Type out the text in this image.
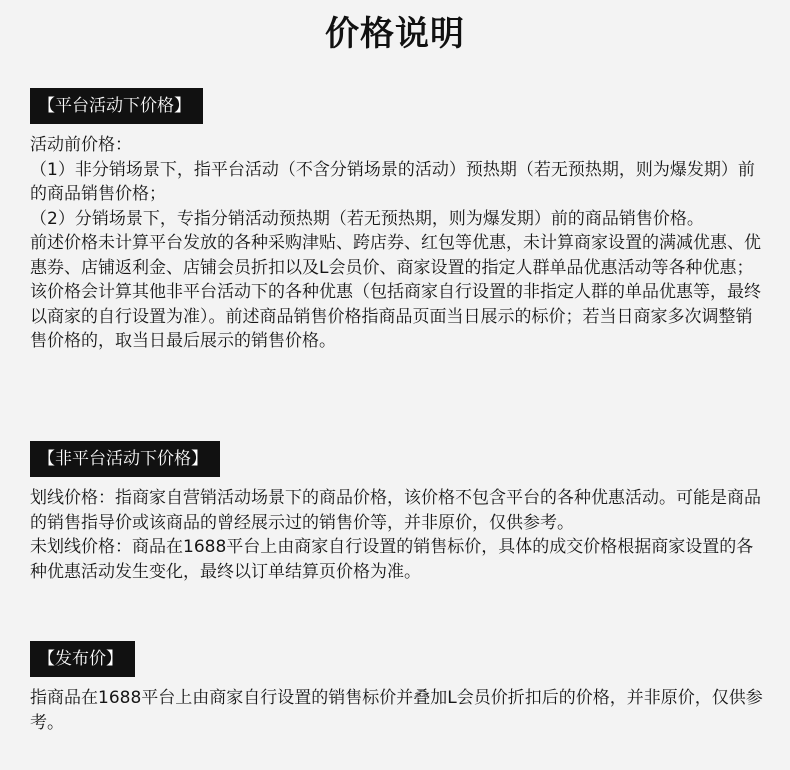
价格说明
【平台活动下价格】

活动前价格：

（1）非分销场景下，指平台活动（不含分销场景的活动）预热期（若无预热期，则为爆发期）前的商品销售价格；

（2）分销场景下，专指分销活动预热期（若无预热期，则为爆发期）前的商品销售价格。

前述价格未计算平台发放的各种采购津贴、跨店券、红包等优惠，未计算商家设置的满减优惠、优惠券、店铺返利金、店铺会员折扣以及L会员价、商家设置的指定人群单品优惠活动等各种优惠； 该价格会计算其他非平台活动下的各种优惠（包括商家自行设置的非指定人群的单品优惠等，最终以商家的自行设置为准）。前述商品销售价格指商品页面当日展示的标价；若当日商家多次调整销售价格的，取当日最后展示的销售价格。

【非平台活动下价格】

划线价格：指商家自营销活动场景下的商品价格，该价格不包含平台的各种优惠活动。可能是商品的销售指导价或该商品的曾经展示过的销售价等，并非原价，仅供参考。

未划线价格：商品在1688平台上由商家自行设置的销售标价，具体的成交价格根据商家设置的各种优惠活动发生变化，最终以订单结算页价格为准。

【发布价】

指商品在1688平台上由商家自行设置的销售标价并叠加L会员价折扣后的价格，并非原价，仅供参考。
